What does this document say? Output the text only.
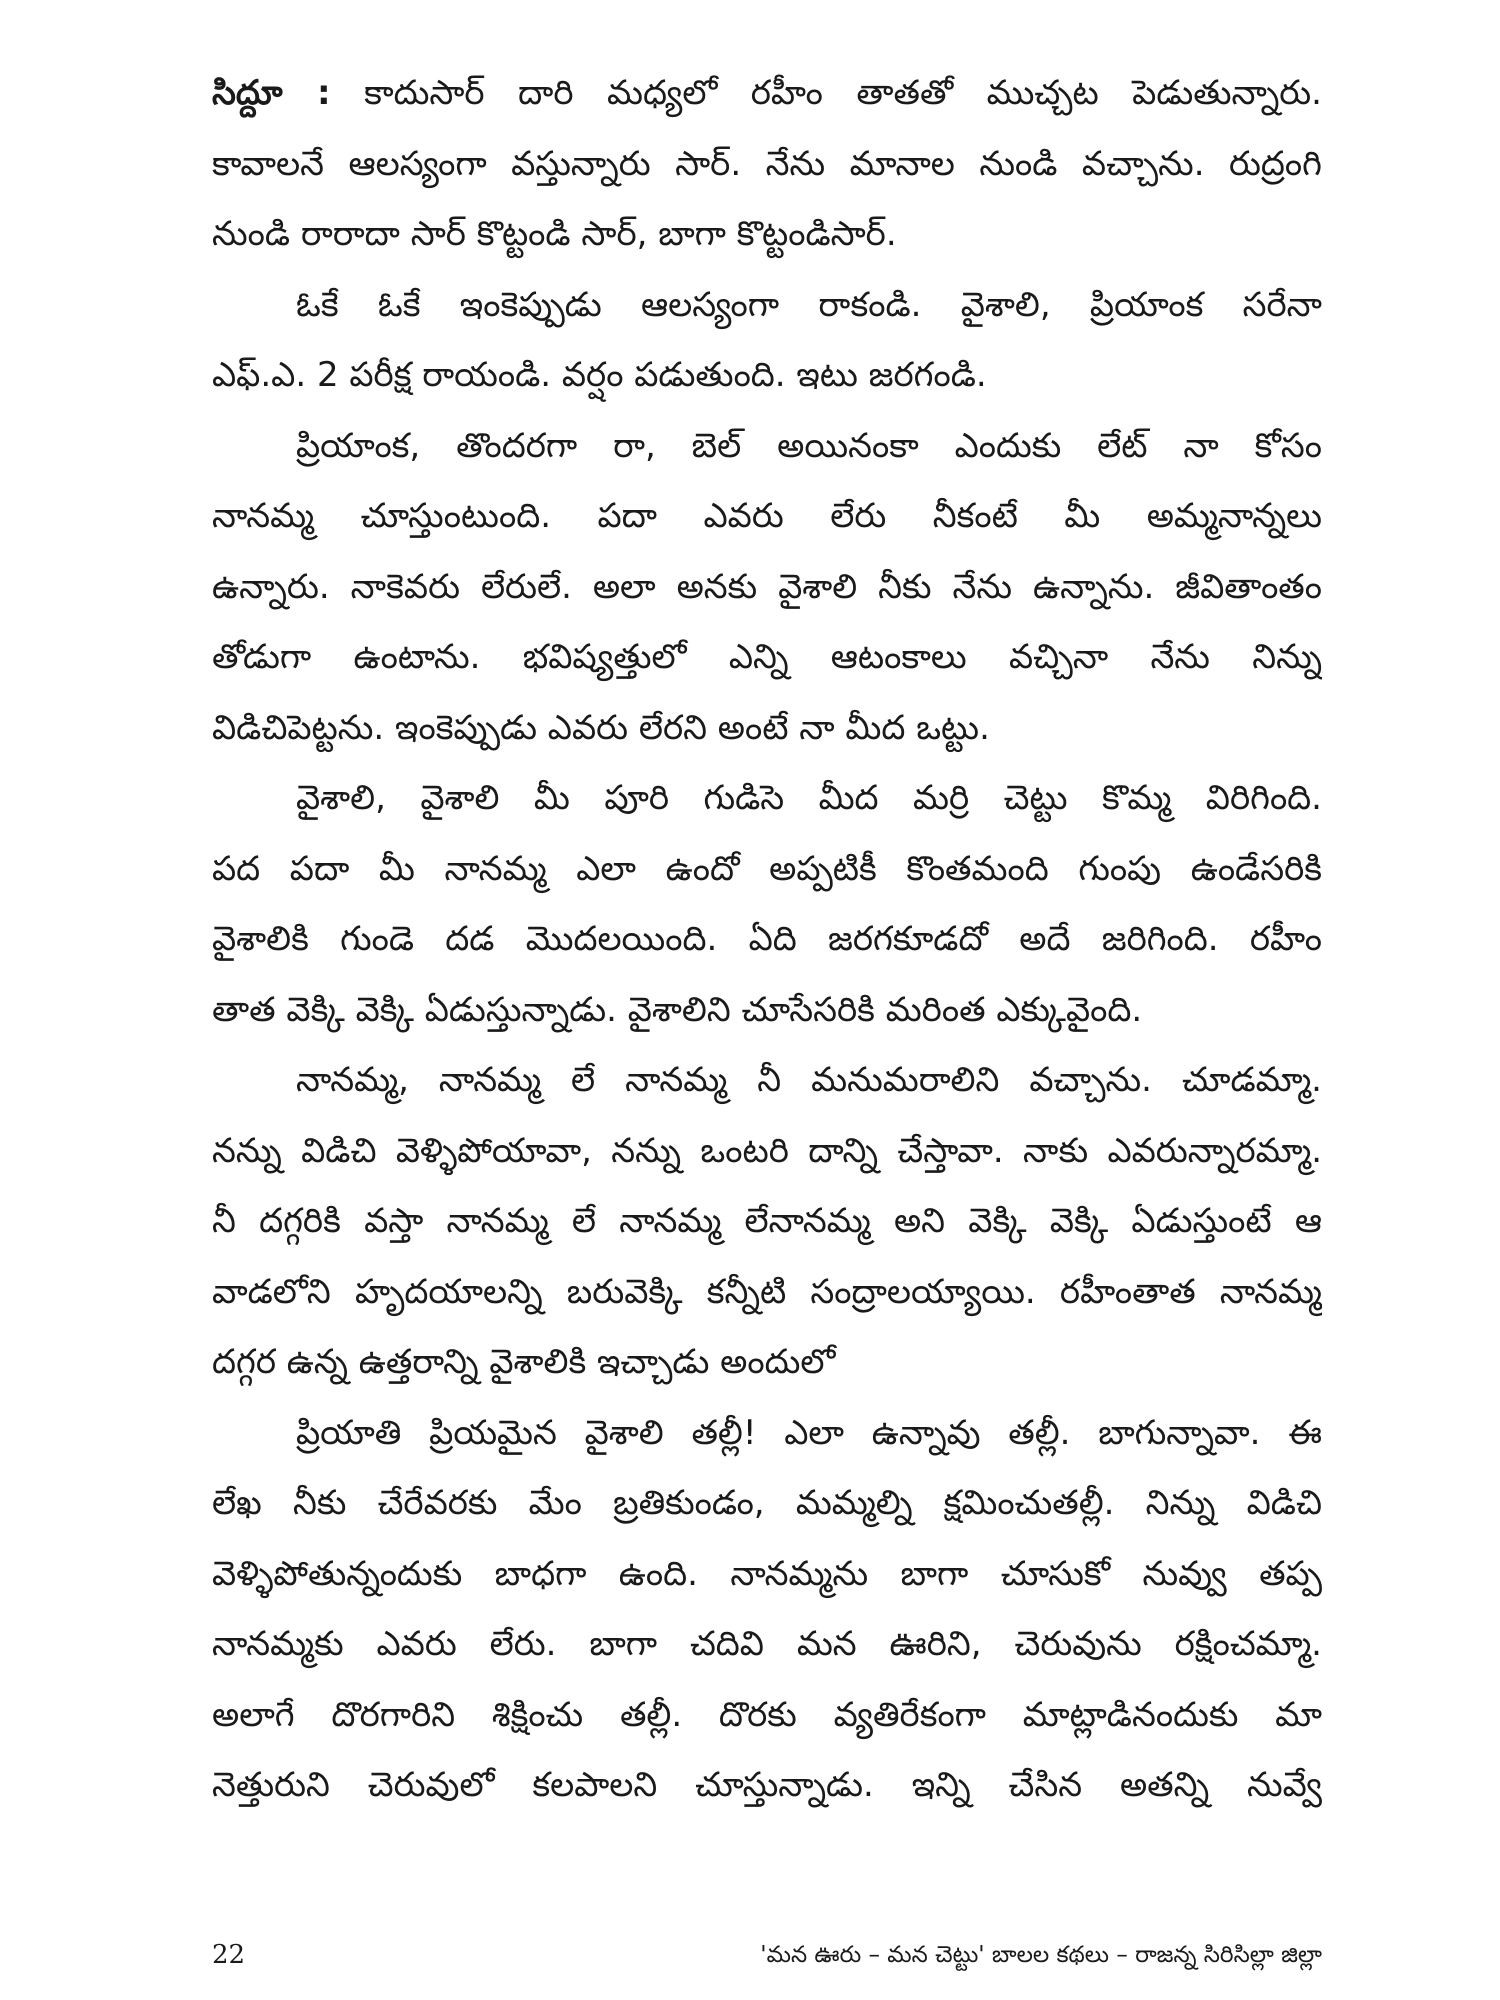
సిద్దూ : కాదుసార్ దారి మధ్యలో రహీం తాతతో ముచ్చట పెడుతున్నారు.
కావాలనే ఆలస్యంగా వస్తున్నారు సార్. నేను మానాల నుండి వచ్చాను. రుద్రంగి
నుండి రారాదా సార్ కొట్టండి సార్, బాగా కొట్టండిసార్.
ఓకే ఓకే ఇంకెప్పుడు ఆలస్యంగా రాకండి. వైశాలి, ప్రియాంక సరేనా
ఎఫ్.ఎ. 2 పరీక్ష రాయండి. వర్షం పడుతుంది. ఇటు జరగండి.
ప్రియాంక, తొందరగా రా, బెల్ అయినంకా ఎందుకు లేట్ నా కోసం
నానమ్మ చూస్తుంటుంది. పదా ఎవరు లేరు నీకంటే మీ అమ్మనాన్నలు
ఉన్నారు. నాకెవరు లేరులే. అలా అనకు వైశాలి నీకు నేను ఉన్నాను. జీవితాంతం
తోడుగా ఉంటాను. భవిష్యత్తులో ఎన్ని ఆటంకాలు వచ్చినా నేను నిన్ను
విడిచిపెట్టను. ఇంకెప్పుడు ఎవరు లేరని అంటే నా మీద ఒట్టు.
వైశాలి, వైశాలి మీ పూరి గుడిసె మీద మర్రి చెట్టు కొమ్మ విరిగింది.
పద పదా మీ నానమ్మ ఎలా ఉందో అప్పటికీ కొంతమంది గుంపు ఉండేసరికి
వైశాలికి గుండె దడ మొదలయింది. ఏది జరగకూడదో అదే జరిగింది. రహీం
తాత వెక్కి వెక్కి ఏడుస్తున్నాడు. వైశాలిని చూసేసరికి మరింత ఎక్కువైంది.
నానమ్మ, నానమ్మ లే నానమ్మ నీ మనుమరాలిని వచ్చాను. చూడమ్మా.
నన్ను విడిచి వెళ్ళిపోయావా, నన్ను ఒంటరి దాన్ని చేస్తావా. నాకు ఎవరున్నారమ్మా.
నీ దగ్గరికి వస్తా నానమ్మ లే నానమ్మ లేనానమ్మ అని వెక్కి వెక్కి ఏడుస్తుంటే ఆ
వాడలోని హృదయాలన్ని బరువెక్కి కన్నీటి సంద్రాలయ్యాయి. రహీంతాత నానమ్మ
దగ్గర ఉన్న ఉత్తరాన్ని వైశాలికి ఇచ్చాడు అందులో
ప్రియాతి ప్రియమైన వైశాలి తల్లీ! ఎలా ఉన్నావు తల్లీ. బాగున్నావా. ఈ
లేఖ నీకు చేరేవరకు మేం బ్రతికుండం, మమ్మల్ని క్షమించుతల్లీ. నిన్ను విడిచి
వెళ్ళిపోతున్నందుకు బాధగా ఉంది. నానమ్మను బాగా చూసుకో నువ్వు తప్ప
నానమ్మకు ఎవరు లేరు. బాగా చదివి మన ఊరిని, చెరువును రక్షించమ్మా.
అలాగే దొరగారిని శిక్షించు తల్లీ. దొరకు వ్యతిరేకంగా మాట్లాడినందుకు మా
నెత్తురుని చెరువులో కలపాలని చూస్తున్నాడు. ఇన్ని చేసిన అతన్ని నువ్వే
22	'మన ఊరు – మన చెట్టు' బాలల కథలు – రాజన్న సిరిసిల్లా జిల్లా
